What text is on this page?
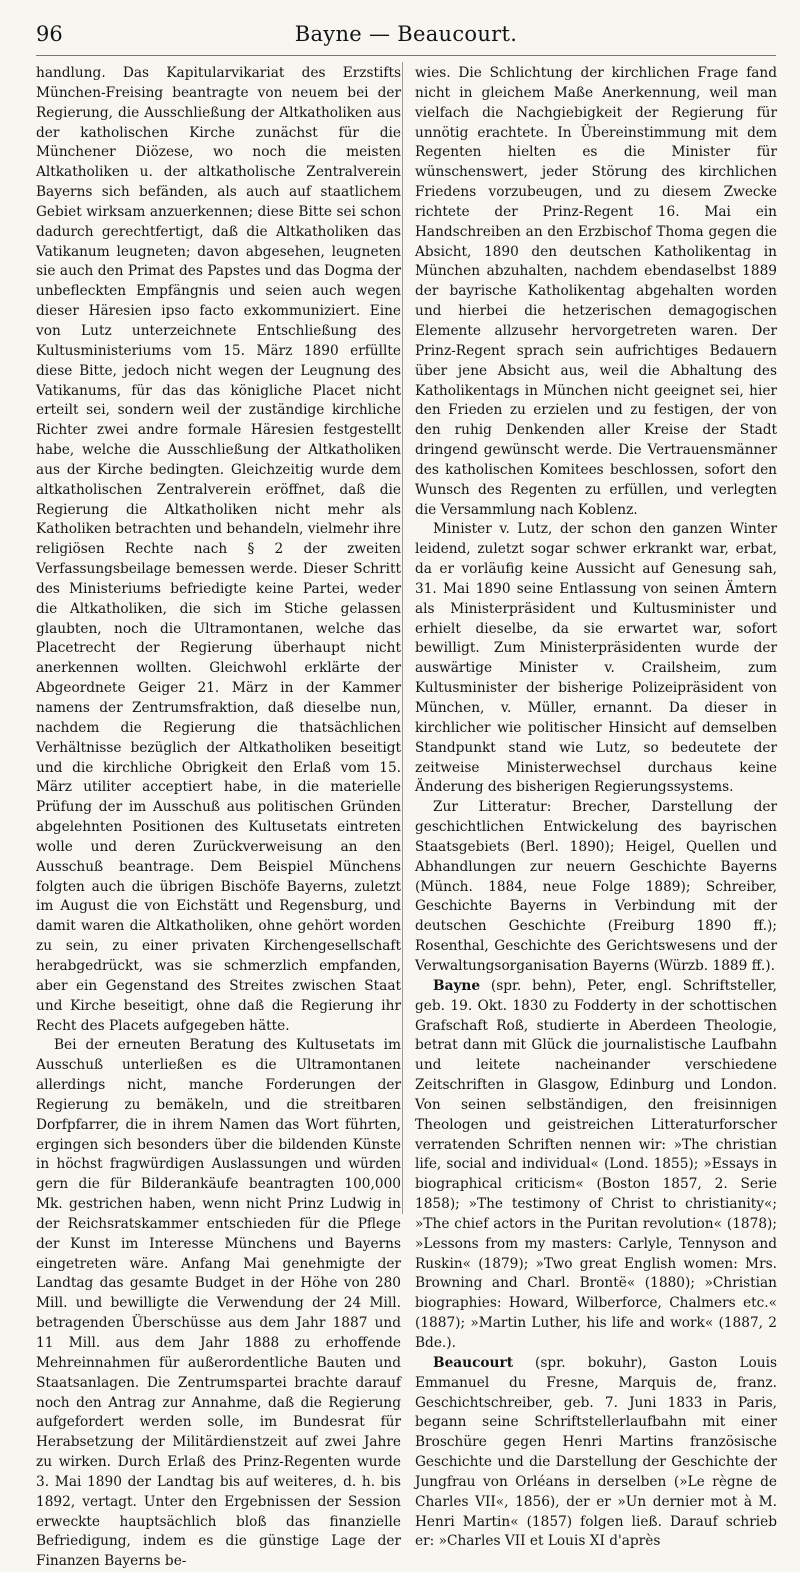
96	Bayne — Beaucourt.

handlung. Das Kapitularvikariat des Erzstifts München-Freising beantragte von neuem bei der Regierung, die Ausschließung der Altkatholiken aus der katholischen Kirche zunächst für die Münchener Diözese, wo noch die meisten Altkatholiken u. der altkatholische Zentralverein Bayerns sich befänden, als auch auf staatlichem Gebiet wirksam anzuerkennen; diese Bitte sei schon dadurch gerechtfertigt, daß die Altkatholiken das Vatikanum leugneten; davon abgesehen, leugneten sie auch den Primat des Papstes und das Dogma der unbefleckten Empfängnis und seien auch wegen dieser Häresien ipso facto exkommuniziert. Eine von Lutz unterzeichnete Entschließung des Kultusministeriums vom 15. März 1890 erfüllte diese Bitte, jedoch nicht wegen der Leugnung des Vatikanums, für das das königliche Placet nicht erteilt sei, sondern weil der zuständige kirchliche Richter zwei andre formale Häresien festgestellt habe, welche die Ausschließung der Altkatholiken aus der Kirche bedingten. Gleichzeitig wurde dem altkatholischen Zentralverein eröffnet, daß die Regierung die Altkatholiken nicht mehr als Katholiken betrachten und behandeln, vielmehr ihre religiösen Rechte nach § 2 der zweiten Verfassungsbeilage bemessen werde. Dieser Schritt des Ministeriums befriedigte keine Partei, weder die Altkatholiken, die sich im Stiche gelassen glaubten, noch die Ultramontanen, welche das Placetrecht der Regierung überhaupt nicht anerkennen wollten. Gleichwohl erklärte der Abgeordnete Geiger 21. März in der Kammer namens der Zentrumsfraktion, daß dieselbe nun, nachdem die Regierung die thatsächlichen Verhältnisse bezüglich der Altkatholiken beseitigt und die kirchliche Obrigkeit den Erlaß vom 15. März utiliter acceptiert habe, in die materielle Prüfung der im Ausschuß aus politischen Gründen abgelehnten Positionen des Kultusetats eintreten wolle und deren Zurückverweisung an den Ausschuß beantrage. Dem Beispiel Münchens folgten auch die übrigen Bischöfe Bayerns, zuletzt im August die von Eichstätt und Regensburg, und damit waren die Altkatholiken, ohne gehört worden zu sein, zu einer privaten Kirchengesellschaft herabgedrückt, was sie schmerzlich empfanden, aber ein Gegenstand des Streites zwischen Staat und Kirche beseitigt, ohne daß die Regierung ihr Recht des Placets aufgegeben hätte.

Bei der erneuten Beratung des Kultusetats im Ausschuß unterließen es die Ultramontanen allerdings nicht, manche Forderungen der Regierung zu bemäkeln, und die streitbaren Dorfpfarrer, die in ihrem Namen das Wort führten, ergingen sich besonders über die bildenden Künste in höchst fragwürdigen Auslassungen und würden gern die für Bilderankäufe beantragten 100,000 Mk. gestrichen haben, wenn nicht Prinz Ludwig in der Reichsratskammer entschieden für die Pflege der Kunst im Interesse Münchens und Bayerns eingetreten wäre. Anfang Mai genehmigte der Landtag das gesamte Budget in der Höhe von 280 Mill. und bewilligte die Verwendung der 24 Mill. betragenden Überschüsse aus dem Jahr 1887 und 11 Mill. aus dem Jahr 1888 zu erhoffende Mehreinnahmen für außerordentliche Bauten und Staatsanlagen. Die Zentrumspartei brachte darauf noch den Antrag zur Annahme, daß die Regierung aufgefordert werden solle, im Bundesrat für Herabsetzung der Militärdienstzeit auf zwei Jahre zu wirken. Durch Erlaß des Prinz-Regenten wurde 3. Mai 1890 der Landtag bis auf weiteres, d. h. bis 1892, vertagt. Unter den Ergebnissen der Session erweckte hauptsächlich bloß das finanzielle Befriedigung, indem es die günstige Lage der Finanzen Bayerns be-

wies. Die Schlichtung der kirchlichen Frage fand nicht in gleichem Maße Anerkennung, weil man vielfach die Nachgiebigkeit der Regierung für unnötig erachtete. In Übereinstimmung mit dem Regenten hielten es die Minister für wünschenswert, jeder Störung des kirchlichen Friedens vorzubeugen, und zu diesem Zwecke richtete der Prinz-Regent 16. Mai ein Handschreiben an den Erzbischof Thoma gegen die Absicht, 1890 den deutschen Katholikentag in München abzuhalten, nachdem ebendaselbst 1889 der bayrische Katholikentag abgehalten worden und hierbei die hetzerischen demagogischen Elemente allzusehr hervorgetreten waren. Der Prinz-Regent sprach sein aufrichtiges Bedauern über jene Absicht aus, weil die Abhaltung des Katholikentags in München nicht geeignet sei, hier den Frieden zu erzielen und zu festigen, der von den ruhig Denkenden aller Kreise der Stadt dringend gewünscht werde. Die Vertrauensmänner des katholischen Komitees beschlossen, sofort den Wunsch des Regenten zu erfüllen, und verlegten die Versammlung nach Koblenz.

Minister v. Lutz, der schon den ganzen Winter leidend, zuletzt sogar schwer erkrankt war, erbat, da er vorläufig keine Aussicht auf Genesung sah, 31. Mai 1890 seine Entlassung von seinen Ämtern als Ministerpräsident und Kultusminister und erhielt dieselbe, da sie erwartet war, sofort bewilligt. Zum Ministerpräsidenten wurde der auswärtige Minister v. Crailsheim, zum Kultusminister der bisherige Polizeipräsident von München, v. Müller, ernannt. Da dieser in kirchlicher wie politischer Hinsicht auf demselben Standpunkt stand wie Lutz, so bedeutete der zeitweise Ministerwechsel durchaus keine Änderung des bisherigen Regierungssystems.

Zur Litteratur: Brecher, Darstellung der geschichtlichen Entwickelung des bayrischen Staatsgebiets (Berl. 1890); Heigel, Quellen und Abhandlungen zur neuern Geschichte Bayerns (Münch. 1884, neue Folge 1889); Schreiber, Geschichte Bayerns in Verbindung mit der deutschen Geschichte (Freiburg 1890 ff.); Rosenthal, Geschichte des Gerichtswesens und der Verwaltungsorganisation Bayerns (Würzb. 1889 ff.).

Bayne (spr. behn), Peter, engl. Schriftsteller, geb. 19. Okt. 1830 zu Fodderty in der schottischen Grafschaft Roß, studierte in Aberdeen Theologie, betrat dann mit Glück die journalistische Laufbahn und leitete nacheinander verschiedene Zeitschriften in Glasgow, Edinburg und London. Von seinen selbständigen, den freisinnigen Theologen und geistreichen Litteraturforscher verratenden Schriften nennen wir: »The christian life, social and individual« (Lond. 1855); »Essays in biographical criticism« (Boston 1857, 2. Serie 1858); »The testimony of Christ to christianity«; »The chief actors in the Puritan revolution« (1878); »Lessons from my masters: Carlyle, Tennyson and Ruskin« (1879); »Two great English women: Mrs. Browning and Charl. Brontë« (1880); »Christian biographies: Howard, Wilberforce, Chalmers etc.« (1887); »Martin Luther, his life and work« (1887, 2 Bde.).

Beaucourt (spr. bokuhr), Gaston Louis Emmanuel du Fresne, Marquis de, franz. Geschichtschreiber, geb. 7. Juni 1833 in Paris, begann seine Schriftstellerlaufbahn mit einer Broschüre gegen Henri Martins französische Geschichte und die Darstellung der Geschichte der Jungfrau von Orléans in derselben (»Le règne de Charles VII«, 1856), der er »Un dernier mot à M. Henri Martin« (1857) folgen ließ. Darauf schrieb er: »Charles VII et Louis XI d'après
